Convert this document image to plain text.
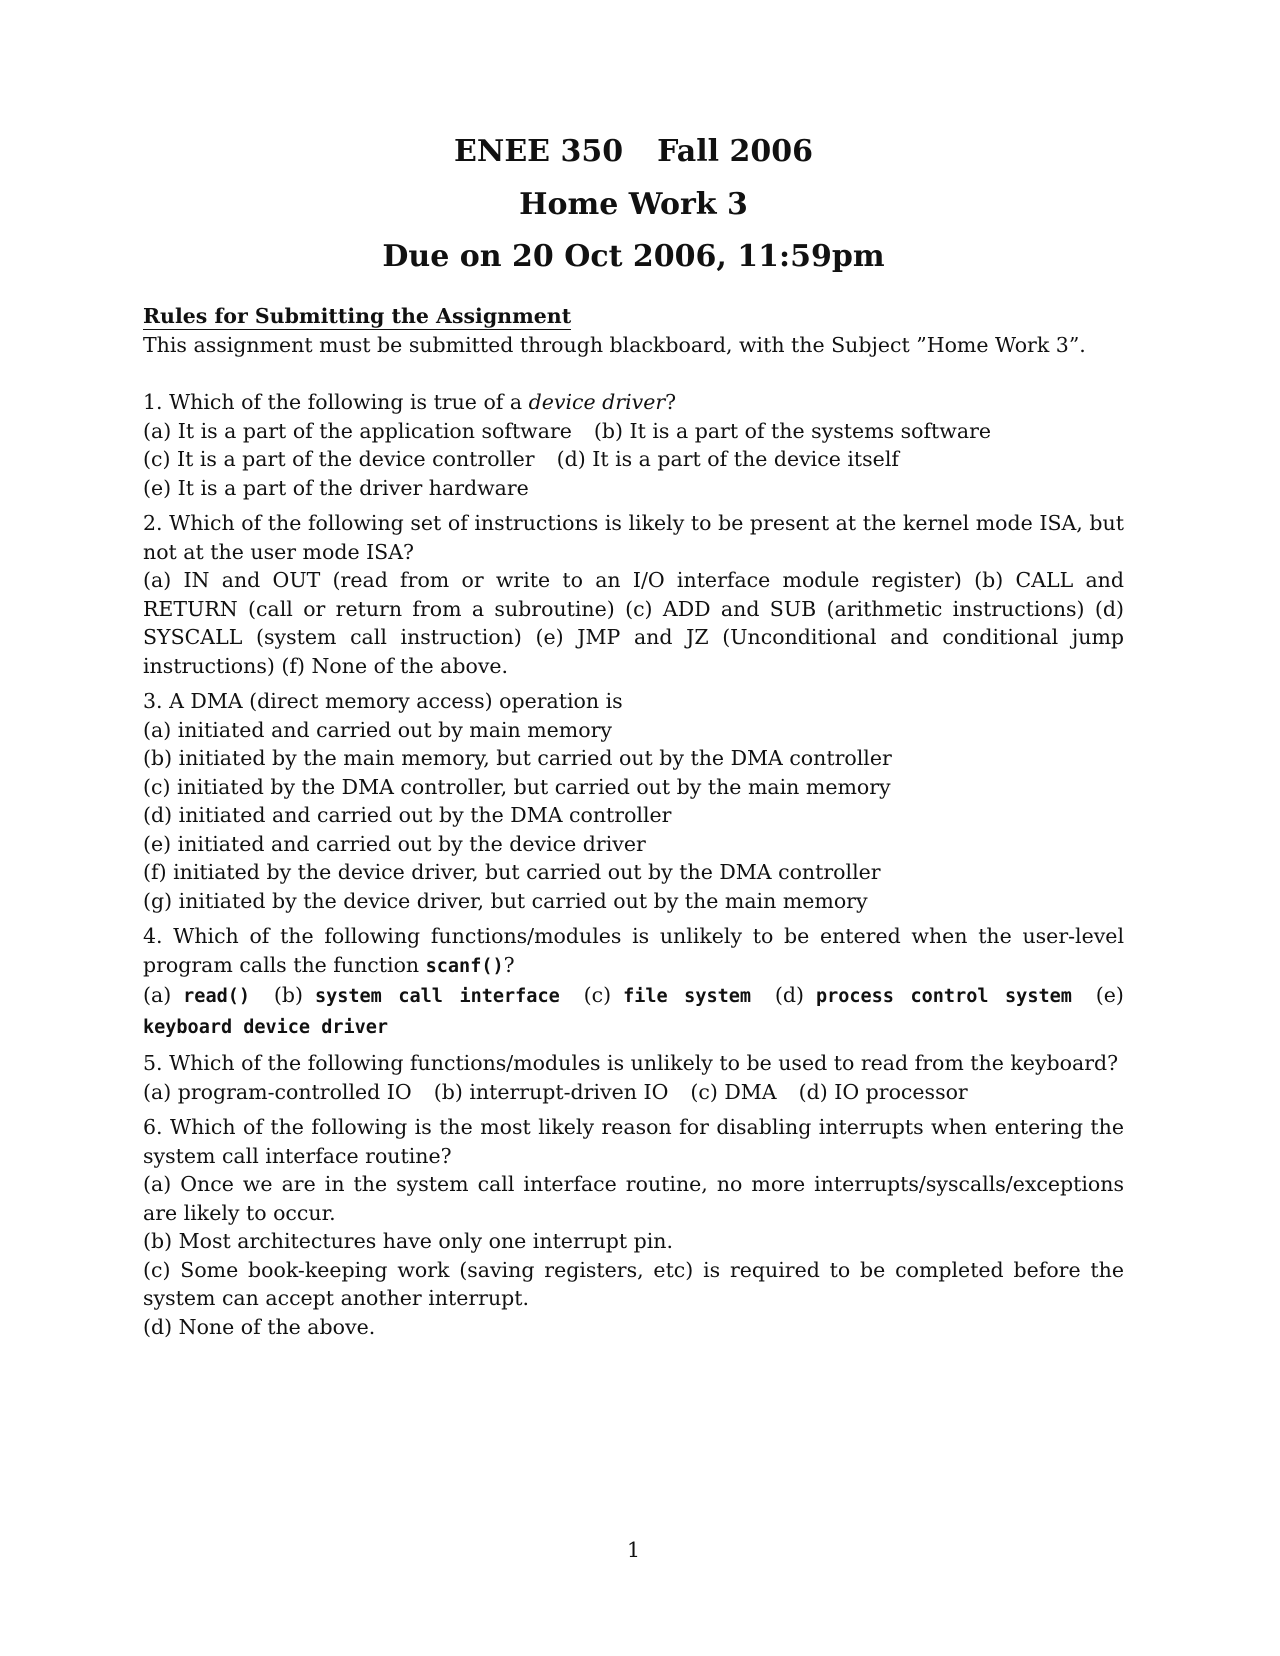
ENEE 350 Fall 2006
Home Work 3
Due on 20 Oct 2006, 11:59pm
Rules for Submitting the Assignment
This assignment must be submitted through blackboard, with the Subject ”Home Work 3”.
1. Which of the following is true of a device driver?
(a) It is a part of the application software (b) It is a part of the systems software
(c) It is a part of the device controller (d) It is a part of the device itself
(e) It is a part of the driver hardware
2. Which of the following set of instructions is likely to be present at the kernel mode ISA, but not at the user mode ISA?
(a) IN and OUT (read from or write to an I/O interface module register) (b) CALL and RETURN (call or return from a subroutine) (c) ADD and SUB (arithmetic instructions) (d) SYSCALL (system call instruction) (e) JMP and JZ (Unconditional and conditional jump instructions) (f) None of the above.
3. A DMA (direct memory access) operation is
(a) initiated and carried out by main memory
(b) initiated by the main memory, but carried out by the DMA controller
(c) initiated by the DMA controller, but carried out by the main memory
(d) initiated and carried out by the DMA controller
(e) initiated and carried out by the device driver
(f) initiated by the device driver, but carried out by the DMA controller
(g) initiated by the device driver, but carried out by the main memory
4. Which of the following functions/modules is unlikely to be entered when the user-level program calls the function scanf()?
(a) read() (b) system call interface (c) file system (d) process control system (e) keyboard device driver
5. Which of the following functions/modules is unlikely to be used to read from the keyboard?
(a) program-controlled IO (b) interrupt-driven IO (c) DMA (d) IO processor
6. Which of the following is the most likely reason for disabling interrupts when entering the system call interface routine?
(a) Once we are in the system call interface routine, no more interrupts/syscalls/exceptions are likely to occur.
(b) Most architectures have only one interrupt pin.
(c) Some book-keeping work (saving registers, etc) is required to be completed before the system can accept another interrupt.
(d) None of the above.
1
